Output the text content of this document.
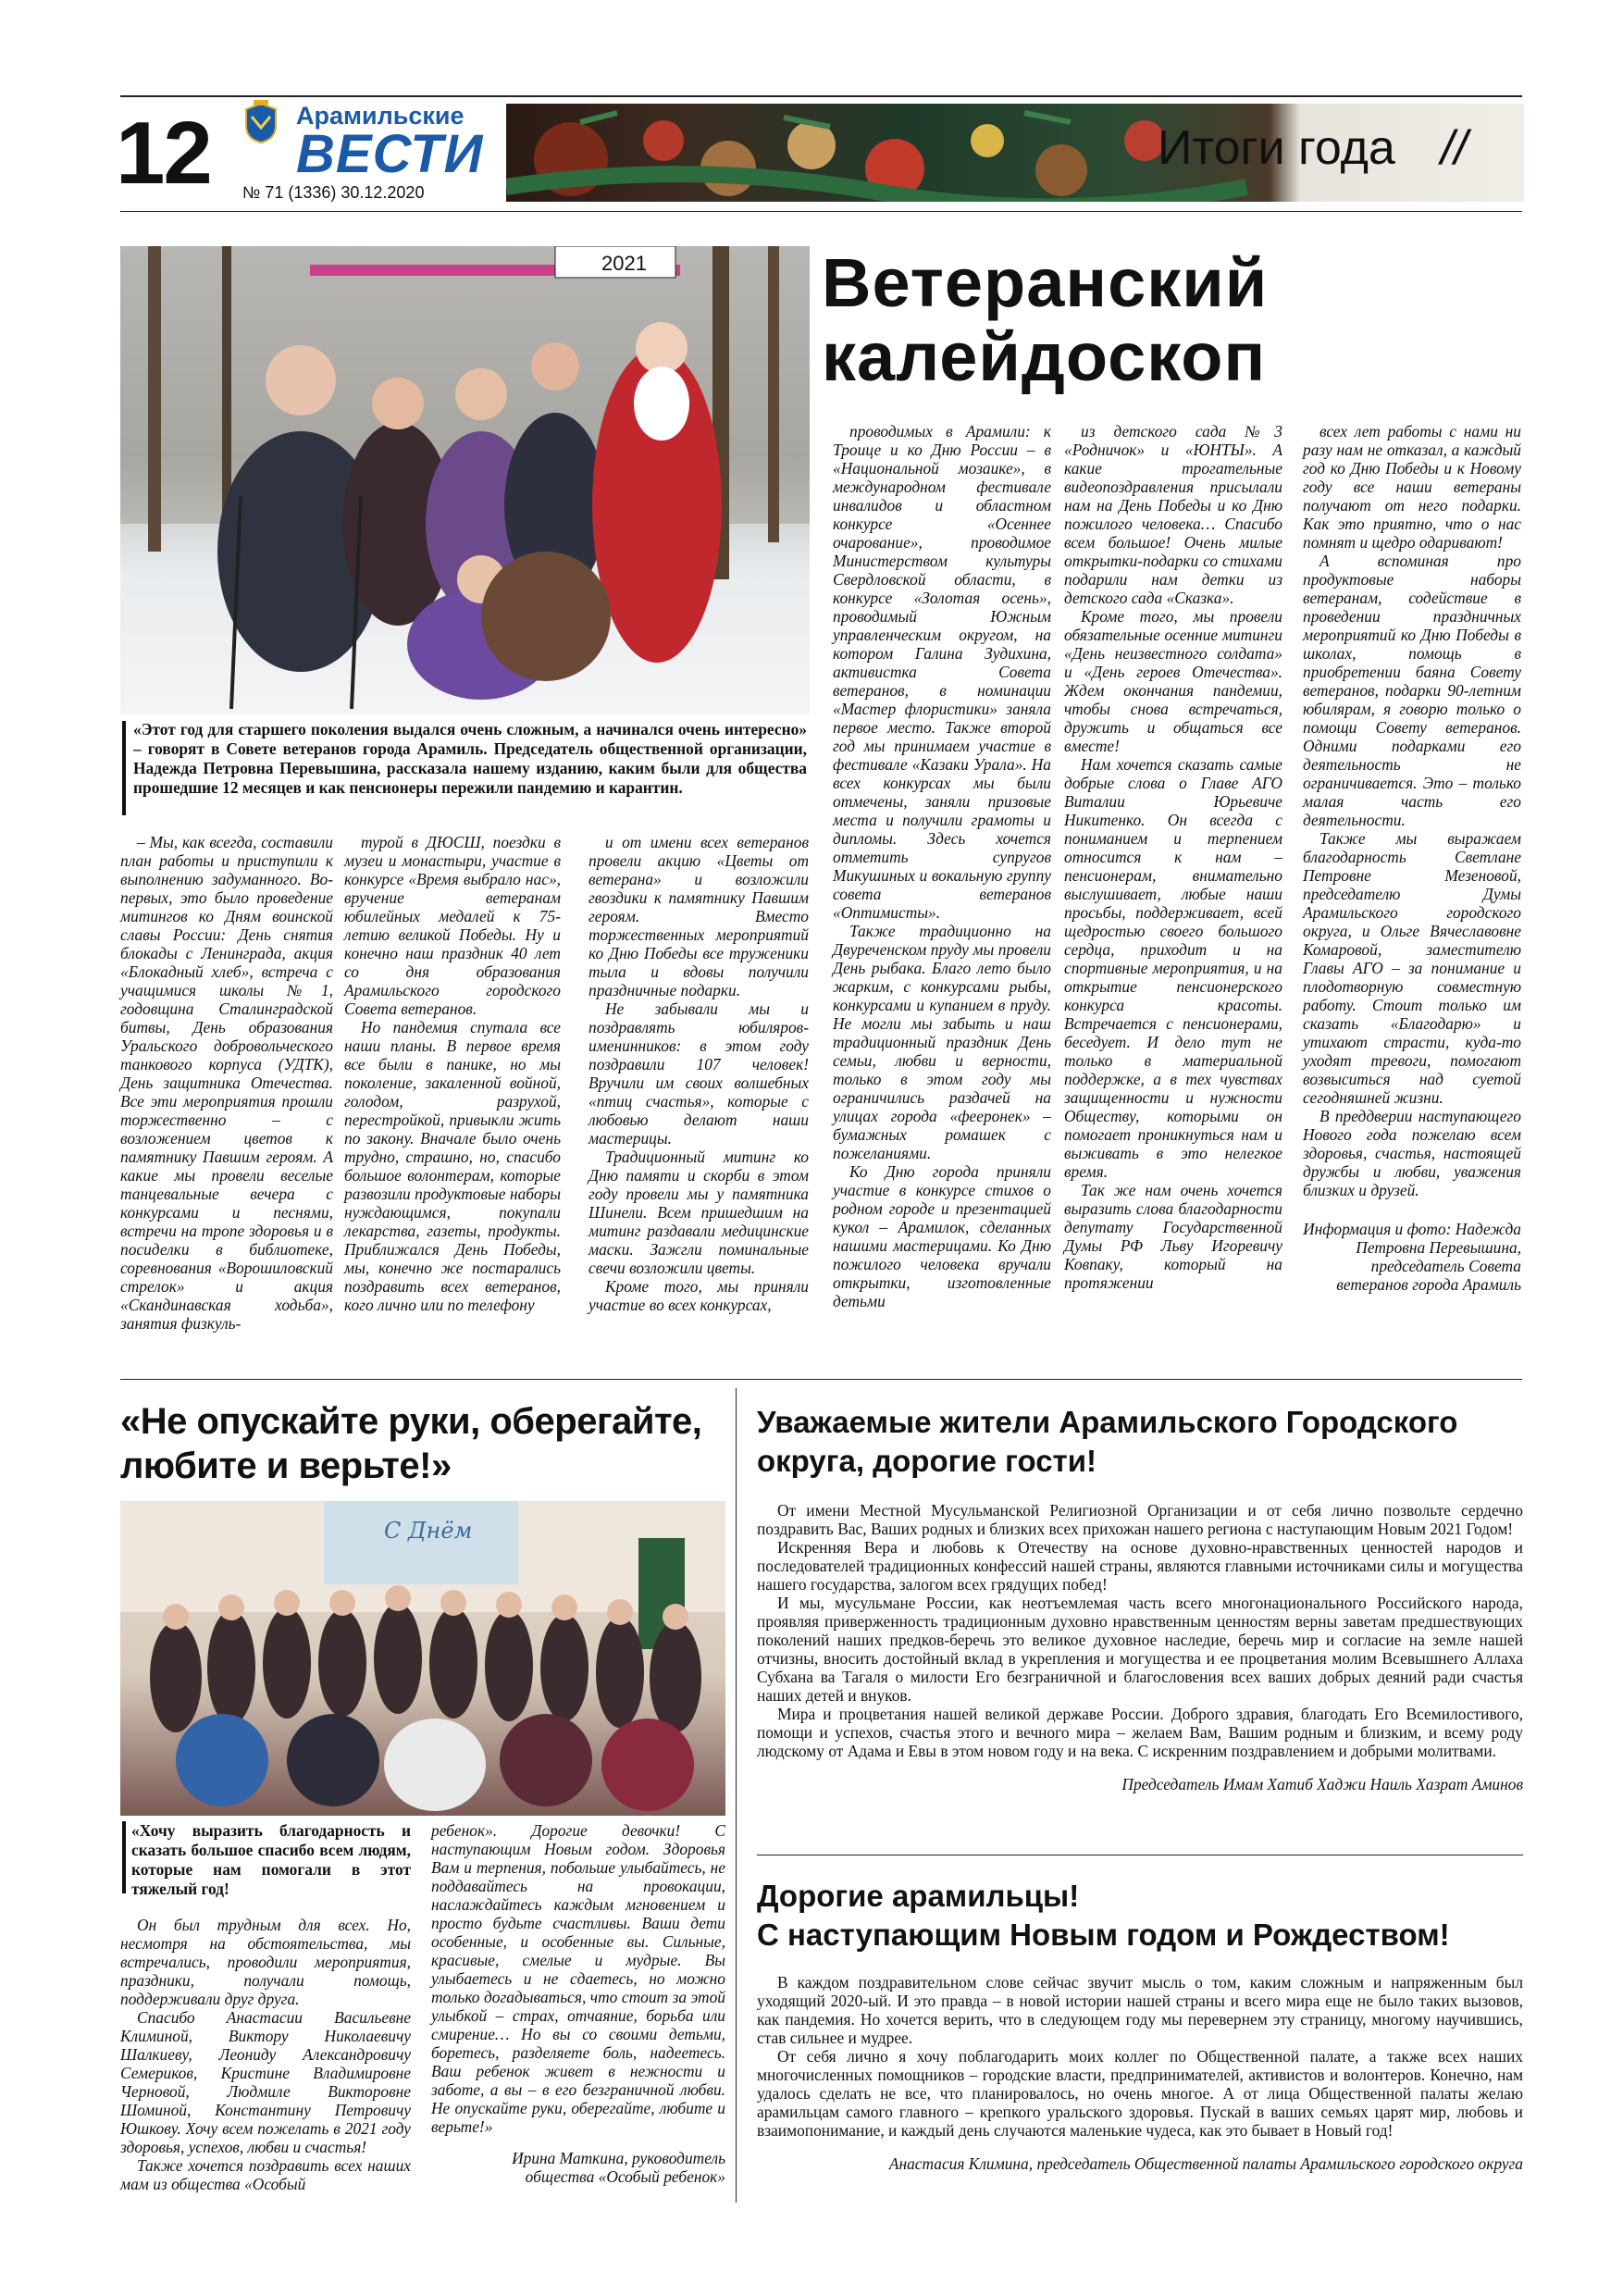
12	Арамильские
ВЕСТИ
№ 71 (1336) 30.12.2020
Итоги года //
2021	Ветеранский
калейдоскоп
«Этот год для старшего поколения выдался очень сложным, а начинался очень интересно» – говорят в Совете ветеранов города Арамиль. Председатель общественной организации, Надежда Петровна Перевышина, рассказала нашему изданию, каким были для общества прошедшие 12 месяцев и как пенсионеры пережили пандемию и карантин.

– Мы, как всегда, составили план работы и приступили к выполнению задуманного. Во-первых, это было проведение митингов ко Дням воинской славы России: День снятия блокады с Ленинграда, акция «Блокадный хлеб», встреча с учащимися школы №1, годовщина Сталинградской битвы, День образования Уральского добровольческого танкового корпуса (УДТК), День защитника Отечества. Все эти мероприятия прошли торжественно – с возложением цветов к памятнику Павшим героям. А какие мы провели веселые танцевальные вечера с конкурсами и песнями, встречи на тропе здоровья и в посиделки в библиотеке, соревнования «Ворошиловский стрелок» и акция «Скандинавская ходьба», занятия физкуль-

турой в ДЮСШ, поездки в музеи и монастыри, участие в конкурсе «Время выбрало нас», вручение ветеранам юбилейных медалей к 75-летию великой Победы. Ну и конечно наш праздник 40 лет со дня образования Арамильского городского Совета ветеранов.

Но пандемия спутала все наши планы. В первое время все были в панике, но мы поколение, закаленной войной, голодом, разрухой, перестройкой, привыкли жить по закону. Вначале было очень трудно, страшно, но, спасибо большое волонтерам, которые развозили продуктовые наборы нуждающимся, покупали лекарства, газеты, продукты. Приближался День Победы, мы, конечно же постарались поздравить всех ветеранов, кого лично или по телефону

и от имени всех ветеранов провели акцию «Цветы от ветерана» и возложили гвоздики к памятнику Павшим героям. Вместо торжественных мероприятий ко Дню Победы все труженики тыла и вдовы получили праздничные подарки.

Не забывали мы и поздравлять юбиляров-именинников: в этом году поздравили 107 человек! Вручили им своих волшебных «птиц счастья», которые с любовью делают наши мастерицы.

Традиционный митинг ко Дню памяти и скорби в этом году провели мы у памятника Шинели. Всем пришедшим на митинг раздавали медицинские маски. Зажгли поминальные свечи возложили цветы.

Кроме того, мы приняли участие во всех конкурсах,

проводимых в Арамили: к Троице и ко Дню России – в «Национальной мозаике», в международном фестивале инвалидов и областном конкурсе «Осеннее очарование», проводимое Министерством культуры Свердловской области, в конкурсе «Золотая осень», проводимый Южным управленческим округом, на котором Галина Зудихина, активистка Совета ветеранов, в номинации «Мастер флористики» заняла первое место. Также второй год мы принимаем участие в фестивале «Казаки Урала». На всех конкурсах мы были отмечены, заняли призовые места и получили грамоты и дипломы. Здесь хочется отметить супругов Микушиных и вокальную группу совета ветеранов «Оптимисты».

Также традиционно на Двуреченском пруду мы провели День рыбака. Благо лето было жарким, с конкурсами рыбы, конкурсами и купанием в пруду. Не могли мы забыть и наш традиционный праздник День семьи, любви и верности, только в этом году мы ограничились раздачей на улицах города «фееронек» – бумажных ромашек с пожеланиями.

Ко Дню города приняли участие в конкурсе стихов о родном городе и презентацией кукол – Арамилок, сделанных нашими мастерицами. Ко Дню пожилого человека вручали открытки, изготовленные детьми

из детского сада №3 «Родничок» и «ЮНТЫ». А какие трогательные видеопоздравления присылали нам на День Победы и ко Дню пожилого человека… Спасибо всем большое! Очень милые открытки-подарки со стихами подарили нам детки из детского сада «Сказка».

Кроме того, мы провели обязательные осенние митинги «День неизвестного солдата» и «День героев Отечества». Ждем окончания пандемии, чтобы снова встречаться, дружить и общаться все вместе!

Нам хочется сказать самые добрые слова о Главе АГО Виталии Юрьевиче Никитенко. Он всегда с пониманием и терпением относится к нам – пенсионерам, внимательно выслушивает, любые наши просьбы, поддерживает, всей щедростью своего большого сердца, приходит и на спортивные мероприятия, и на открытие пенсионерского конкурса красоты. Встречается с пенсионерами, беседует. И дело тут не только в материальной поддержке, а в тех чувствах защищенности и нужности Обществу, которыми он помогает проникнуться нам и выживать в это нелегкое время.

Так же нам очень хочется выразить слова благодарности депутату Государственной Думы РФ Льву Игоревичу Ковпаку, который на протяжении

всех лет работы с нами ни разу нам не отказал, а каждый год ко Дню Победы и к Новому году все наши ветераны получают от него подарки. Как это приятно, что о нас помнят и щедро одаривают!

А вспоминая про продуктовые наборы ветеранам, содействие в проведении праздничных мероприятий ко Дню Победы в школах, помощь в приобретении баяна Совету ветеранов, подарки 90-летним юбилярам, я говорю только о помощи Совету ветеранов. Одними подарками его деятельность не ограничивается. Это – только малая часть его деятельности.

Также мы выражаем благодарность Светлане Петровне Мезеновой, председателю Думы Арамильского городского округа, и Ольге Вячеславовне Комаровой, заместителю Главы АГО – за понимание и плодотворную совместную работу. Стоит только им сказать «Благодарю» и утихают страсти, куда-то уходят тревоги, помогают возвыситься над суетой сегодняшней жизни.

В преддверии наступающего Нового года пожелаю всем здоровья, счастья, настоящей дружбы и любви, уважения близких и друзей.

Информация и фото: Надежда Петровна Перевышина, председатель Совета ветеранов города Арамиль

«Не опускайте руки, оберегайте, любите и верьте!»
С Днём
«Хочу выразить благодарность и сказать большое спасибо всем людям, которые нам помогали в этот тяжелый год!

Он был трудным для всех. Но, несмотря на обстоятельства, мы встречались, проводили мероприятия, праздники, получали помощь, поддерживали друг друга.

Спасибо Анастасии Васильевне Климиной, Виктору Николаевичу Шалкиеву, Леониду Александровичу Семериков, Кристине Владимировне Черновой, Людмиле Викторовне Шоминой, Константину Петровичу Юшкову. Хочу всем пожелать в 2021 году здоровья, успехов, любви и счастья!

Также хочется поздравить всех наших мам из общества «Особый

ребенок». Дорогие девочки! С наступающим Новым годом. Здоровья Вам и терпения, побольше улыбайтесь, не поддавайтесь на провокации, наслаждайтесь каждым мгновением и просто будьте счастливы. Ваши дети особенные, и особенные вы. Сильные, красивые, смелые и мудрые. Вы улыбаетесь и не сдаетесь, но можно только догадываться, что стоит за этой улыбкой – страх, отчаяние, борьба или смирение… Но вы со своими детьми, боретесь, разделяете боль, надеетесь. Ваш ребенок живет в нежности и заботе, а вы – в его безграничной любви. Не опускайте руки, оберегайте, любите и верьте!»

Ирина Маткина, руководитель общества «Особый ребенок»

Уважаемые жители Арамильского Городского округа, дорогие гости!

От имени Местной Мусульманской Религиозной Организации и от себя лично позвольте сердечно поздравить Вас, Ваших родных и близких всех прихожан нашего региона с наступающим Новым 2021 Годом!

Искренняя Вера и любовь к Отечеству на основе духовно-нравственных ценностей народов и последователей традиционных конфессий нашей страны, являются главными источниками силы и могущества нашего государства, залогом всех грядущих побед!

И мы, мусульмане России, как неотъемлемая часть всего многонационального Российского народа, проявляя приверженность традиционным духовно нравственным ценностям верны заветам предшествующих поколений наших предков-беречь это великое духовное наследие, беречь мир и согласие на земле нашей отчизны, вносить достойный вклад в укрепления и могущества и ее процветания молим Всевышнего Аллаха Субхана ва Тагаля о милости Его безграничной и благословения всех ваших добрых деяний ради счастья наших детей и внуков.

Мира и процветания нашей великой державе России. Доброго здравия, благодать Его Всемилостивого, помощи и успехов, счастья этого и вечного мира – желаем Вам, Вашим родным и близким, и всему роду людскому от Адама и Евы в этом новом году и на века. С искренним поздравлением и добрыми молитвами.

Председатель Имам Хатиб Хаджи Наиль Хазрат Аминов

Дорогие арамильцы!
С наступающим Новым годом и Рождеством!

В каждом поздравительном слове сейчас звучит мысль о том, каким сложным и напряженным был уходящий 2020-ый. И это правда – в новой истории нашей страны и всего мира еще не было таких вызовов, как пандемия. Но хочется верить, что в следующем году мы перевернем эту страницу, многому научившись, став сильнее и мудрее.

От себя лично я хочу поблагодарить моих коллег по Общественной палате, а также всех наших многочисленных помощников – городские власти, предпринимателей, активистов и волонтеров. Конечно, нам удалось сделать не все, что планировалось, но очень многое. А от лица Общественной палаты желаю арамильцам самого главного – крепкого уральского здоровья. Пускай в ваших семьях царят мир, любовь и взаимопонимание, и каждый день случаются маленькие чудеса, как это бывает в Новый год!

Анастасия Климина, председатель Общественной палаты Арамильского городского округа
